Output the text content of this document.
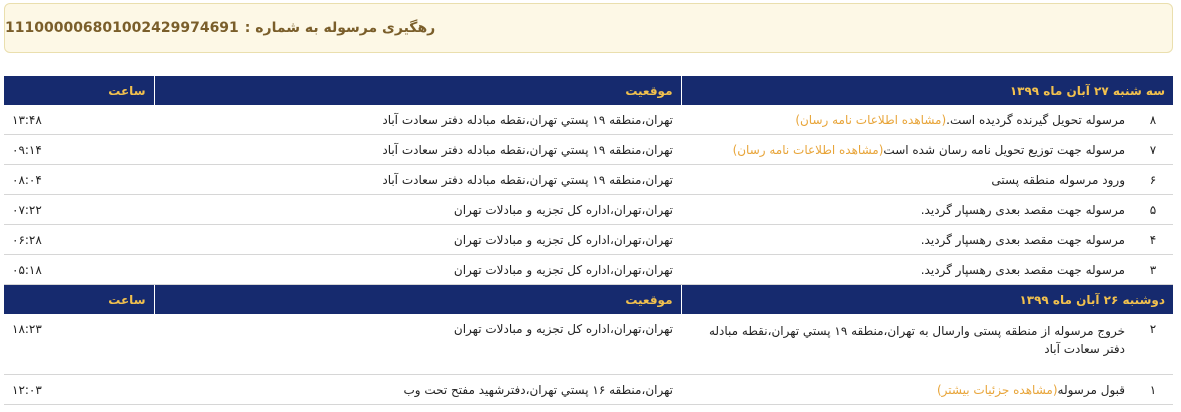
رهگیری مرسوله به شماره :
111000006801002429974691
سه شنبه ۲۷ آبان ماه ۱۳۹۹		موقعیت	ساعت
۸	مرسوله تحویل گیرنده گردیده است.(مشاهده اطلاعات نامه رسان)	تهران،منطقه ۱۹ پستي تهران،نقطه مبادله دفتر سعادت آباد	۱۳:۴۸
۷	مرسوله جهت توزیع تحویل نامه رسان شده است(مشاهده اطلاعات نامه رسان)	تهران،منطقه ۱۹ پستي تهران،نقطه مبادله دفتر سعادت آباد	۰۹:۱۴
۶	ورود مرسوله منطقه پستی	تهران،منطقه ۱۹ پستي تهران،نقطه مبادله دفتر سعادت آباد	۰۸:۰۴
۵	مرسوله جهت مقصد بعدی رهسپار گردید.	تهران،تهران،اداره کل تجزیه و مبادلات تهران	۰۷:۲۲
۴	مرسوله جهت مقصد بعدی رهسپار گردید.	تهران،تهران،اداره کل تجزیه و مبادلات تهران	۰۶:۲۸
۳	مرسوله جهت مقصد بعدی رهسپار گردید.	تهران،تهران،اداره کل تجزیه و مبادلات تهران	۰۵:۱۸
دوشنبه ۲۶ آبان ماه ۱۳۹۹		موقعیت	ساعت
۲	خروج مرسوله از منطقه پستی وارسال به تهران،منطقه ۱۹ پستي تهران،نقطه مبادله دفتر سعادت آباد	تهران،تهران،اداره کل تجزیه و مبادلات تهران	۱۸:۲۳
۱	قبول مرسوله(مشاهده جزئیات بیشتر)	تهران،منطقه ۱۶ پستي تهران،دفترشهید مفتح تحت وب	۱۲:۰۳
